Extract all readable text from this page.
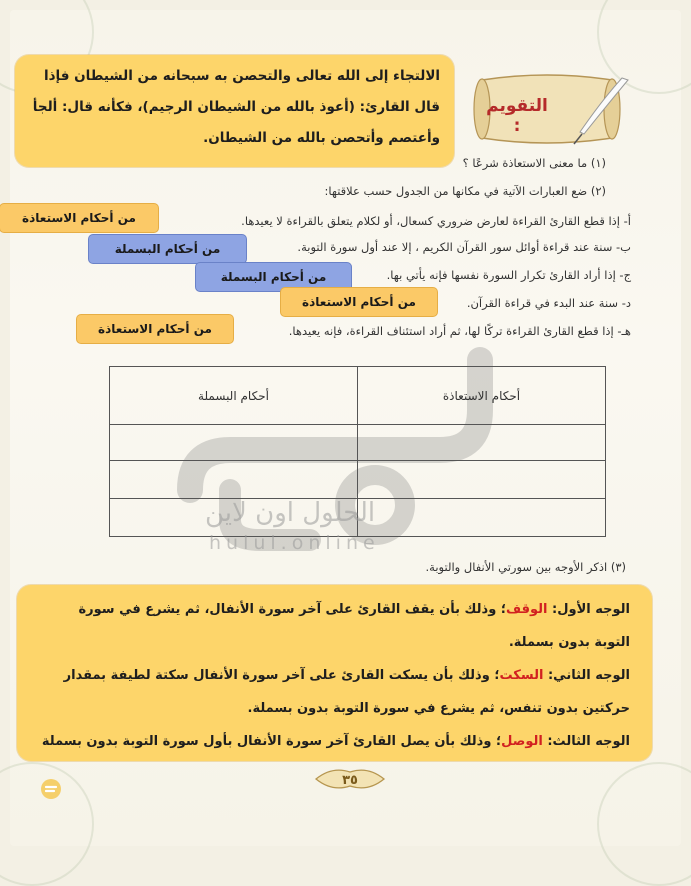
الالتجاء إلى الله تعالى والتحصن به سبحانه من الشيطان فإذا قال القارئ: (أعوذ بالله من الشيطان الرجيم)، فكأنه قال: ألجأ وأعتصم وأتحصن بالله من الشيطان.
التقويم :
(١) ما معنى الاستعاذة شرعًا ؟
(٢) ضع العبارات الآتية في مكانها من الجدول حسب علاقتها:
أ- إذا قطع القارئ القراءة لعارض ضروري كسعال، أو لكلام يتعلق بالقراءة لا يعيدها.
ب- سنة عند قراءة أوائل سور القرآن الكريم ، إلا عند أول سورة التوبة.
ج- إذا أراد القارئ تكرار السورة نفسها فإنه يأتي بها.
د- سنة عند البدء في قراءة القرآن.
هـ- إذا قطع القارئ القراءة تركًا لها، ثم أراد استئناف القراءة، فإنه يعيدها.
من أحكام الاستعاذة
من أحكام البسملة
من أحكام البسملة
من أحكام الاستعاذة
من أحكام الاستعاذة
أحكام الاستعاذة	أحكام البسملة

الحلول اون لاين
hulul.online
(٣) اذكر الأوجه بين سورتي الأنفال والتوبة.
الوجه الأول: الوقف؛ وذلك بأن يقف القارئ على آخر سورة الأنفال، ثم يشرع في سورة التوبة بدون بسملة.
الوجه الثاني: السكت؛ وذلك بأن يسكت القارئ على آخر سورة الأنفال سكتة لطيفة بمقدار حركتين بدون تنفس، ثم يشرع في سورة التوبة بدون بسملة.
الوجه الثالث: الوصل؛ وذلك بأن يصل القارئ آخر سورة الأنفال بأول سورة التوبة بدون بسملة
٣٥
